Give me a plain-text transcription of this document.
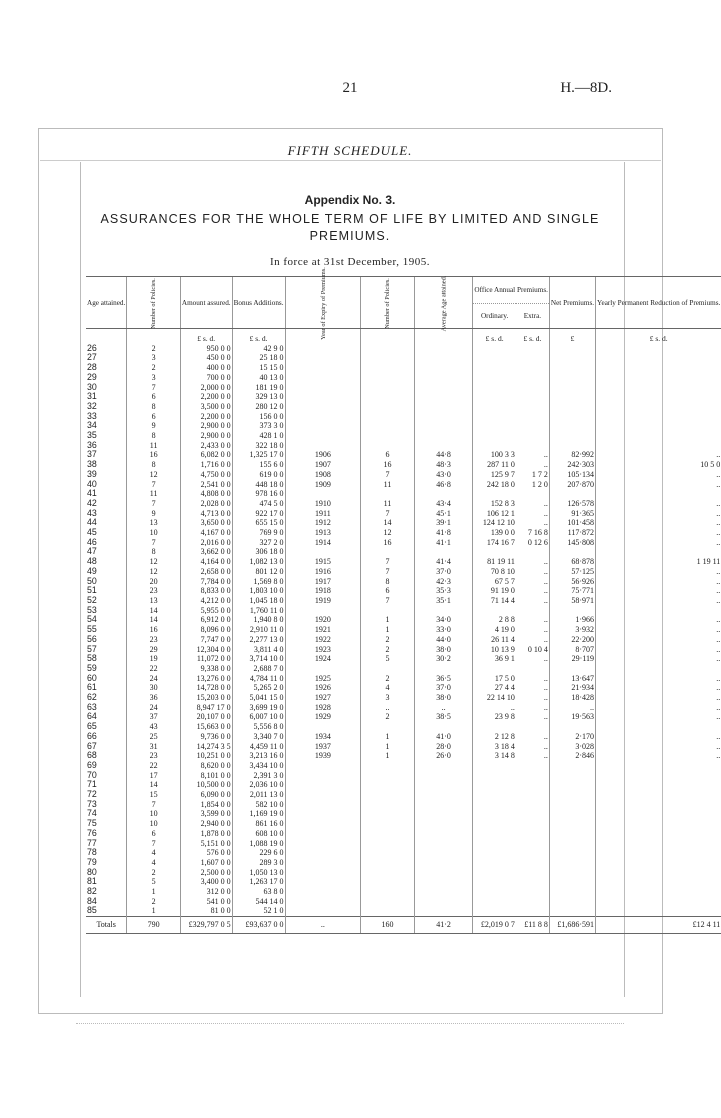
21	H.—8D.
FIFTH SCHEDULE.
Appendix No. 3.
ASSURANCES FOR THE WHOLE TERM OF LIFE BY LIMITED AND SINGLE PREMIUMS.
In force at 31st December, 1905.
Age attained.	Number of Policies.	Amount assured.	Bonus Additions.	Year of Expiry of Premiums.	Number of Policies.	Average Age attained.	Office Annual Premiums.		Net Premiums.	Yearly Permanent Reduction of Premiums.
							Ordinary.	Extra.		
		£ s. d.	£ s. d.				£ s. d.	£ s. d.	£	£ s. d.
26	2	950 0 0	42 9 0							
27	3	450 0 0	25 18 0							
28	2	400 0 0	15 15 0							
29	3	700 0 0	40 13 0							
30	7	2,000 0 0	181 19 0							
31	6	2,200 0 0	329 13 0							
32	8	3,500 0 0	280 12 0							
33	6	2,200 0 0	156 0 0							
34	9	2,900 0 0	373 3 0							
35	8	2,900 0 0	428 1 0							
36	11	2,433 0 0	322 18 0							
37	16	6,082 0 0	1,325 17 0	1906	6	44·8	100 3 3	..	82·992	..
38	8	1,716 0 0	155 6 0	1907	16	48·3	287 11 0	..	242·303	10 5 0
39	12	4,750 0 0	619 0 0	1908	7	43·0	125 9 7	1 7 2	105·134	..
40	7	2,541 0 0	448 18 0	1909	11	46·8	242 18 0	1 2 0	207·870	..
41	11	4,808 0 0	978 16 0							
42	7	2,028 0 0	474 5 0	1910	11	43·4	152 8 3	..	126·578	..
43	9	4,713 0 0	922 17 0	1911	7	45·1	106 12 1	..	91·365	..
44	13	3,650 0 0	655 15 0	1912	14	39·1	124 12 10	..	101·458	..
45	10	4,167 0 0	769 9 0	1913	12	41·8	139 0 0	7 16 8	117·872	..
46	7	2,016 0 0	327 2 0	1914	16	41·1	174 16 7	0 12 6	145·808	..
47	8	3,662 0 0	306 18 0							
48	12	4,164 0 0	1,082 13 0	1915	7	41·4	81 19 11	..	68·878	1 19 11
49	12	2,658 0 0	801 12 0	1916	7	37·0	70 8 10	..	57·125	..
50	20	7,784 0 0	1,569 8 0	1917	8	42·3	67 5 7	..	56·926	..
51	23	8,833 0 0	1,803 10 0	1918	6	35·3	91 19 0	..	75·771	..
52	13	4,212 0 0	1,045 18 0	1919	7	35·1	71 14 4	..	58·971	..
53	14	5,955 0 0	1,760 11 0							
54	14	6,912 0 0	1,940 8 0	1920	1	34·0	2 8 8	..	1·966	..
55	16	8,096 0 0	2,910 11 0	1921	1	33·0	4 19 0	..	3·932	..
56	23	7,747 0 0	2,277 13 0	1922	2	44·0	26 11 4	..	22·200	..
57	29	12,304 0 0	3,811 4 0	1923	2	38·0	10 13 9	0 10 4	8·707	..
58	19	11,072 0 0	3,714 10 0	1924	5	30·2	36 9 1	..	29·119	..
59	22	9,338 0 0	2,688 7 0							
60	24	13,276 0 0	4,784 11 0	1925	2	36·5	17 5 0	..	13·647	..
61	30	14,728 0 0	5,265 2 0	1926	4	37·0	27 4 4	..	21·934	..
62	36	15,203 0 0	5,041 15 0	1927	3	38·0	22 14 10	..	18·428	..
63	24	8,947 17 0	3,699 19 0	1928	..	..	..	..	..	..
64	37	20,107 0 0	6,007 10 0	1929	2	38·5	23 9 8	..	19·563	..
65	43	15,663 0 0	5,556 8 0							
66	25	9,736 0 0	3,340 7 0	1934	1	41·0	2 12 8	..	2·170	..
67	31	14,274 3 5	4,459 11 0	1937	1	28·0	3 18 4	..	3·028	..
68	23	10,251 0 0	3,213 16 0	1939	1	26·0	3 14 8	..	2·846	..
69	22	8,620 0 0	3,434 10 0							
70	17	8,101 0 0	2,391 3 0							
71	14	10,500 0 0	2,036 10 0							
72	15	6,090 0 0	2,011 13 0							
73	7	1,854 0 0	582 10 0							
74	10	3,599 0 0	1,169 19 0							
75	10	2,940 0 0	861 16 0							
76	6	1,878 0 0	608 10 0							
77	7	5,151 0 0	1,088 19 0							
78	4	576 0 0	229 6 0							
79	4	1,607 0 0	289 3 0							
80	2	2,500 0 0	1,050 13 0							
81	5	3,400 0 0	1,263 17 0							
82	1	312 0 0	63 8 0							
84	2	541 0 0	544 14 0							
85	1	81 0 0	52 1 0							
Totals	790	£329,797 0 5	£93,637 0 0	..	160	41·2	£2,019 0 7	£11 8 8	£1,686·591	£12 4 11
